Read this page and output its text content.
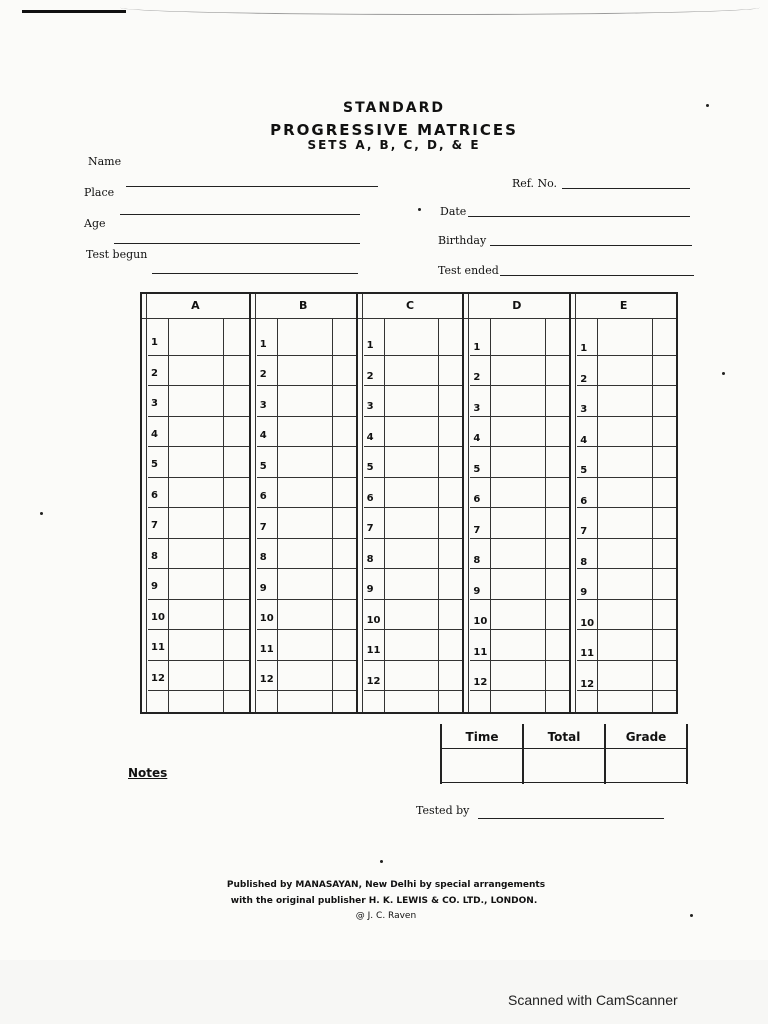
STANDARD
PROGRESSIVE MATRICES
SETS A, B, C, D, & E
Name
Place
Age
Test begun
Ref. No.
Date
Birthday
Test ended
A
1
2
3
4
5
6
7
8
9
10
11
12
B
1
2
3
4
5
6
7
8
9
10
11
12
C
1
2
3
4
5
6
7
8
9
10
11
12
D
1
2
3
4
5
6
7
8
9
10
11
12
E
1
2
3
4
5
6
7
8
9
10
11
12
Time	Total	Grade
Notes
Tested by
Published by MANASAYAN, New Delhi by special arrangements
with the original publisher H. K. LEWIS & CO. LTD., LONDON.
@ J. C. Raven
Scanned with CamScanner
